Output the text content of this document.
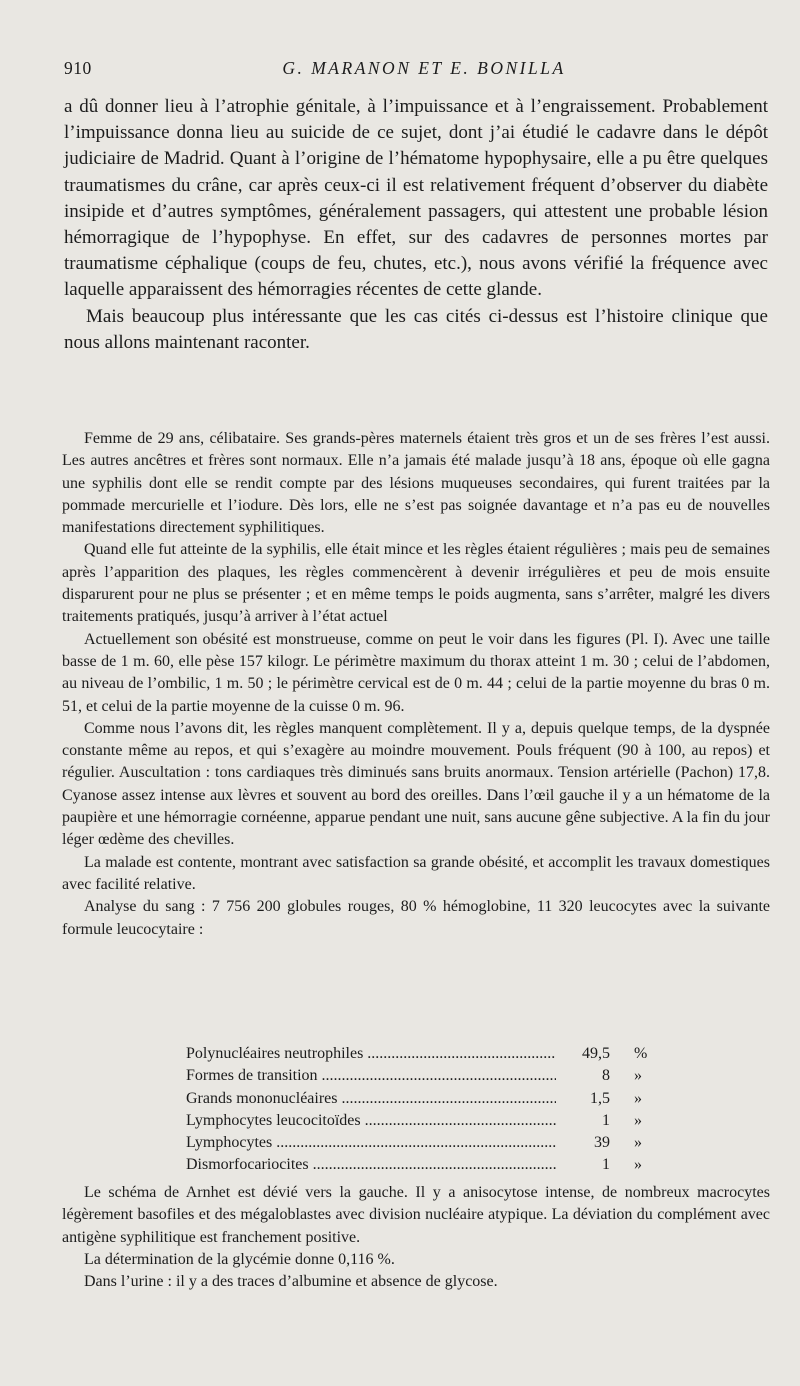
910	G. MARANON ET E. BONILLA

a dû donner lieu à l’atrophie génitale, à l’impuissance et à l’engraissement. Probablement l’impuissance donna lieu au suicide de ce sujet, dont j’ai étudié le cadavre dans le dépôt judiciaire de Madrid. Quant à l’origine de l’hématome hypophysaire, elle a pu être quelques traumatismes du crâne, car après ceux-ci il est relativement fréquent d’observer du diabète insipide et d’autres symptômes, généralement passagers, qui attestent une probable lésion hémorragique de l’hypophyse. En effet, sur des cadavres de personnes mortes par traumatisme céphalique (coups de feu, chutes, etc.), nous avons vérifié la fréquence avec laquelle apparaissent des hémorragies récentes de cette glande.

Mais beaucoup plus intéressante que les cas cités ci-dessus est l’histoire clinique que nous allons maintenant raconter.

Femme de 29 ans, célibataire. Ses grands-pères maternels étaient très gros et un de ses frères l’est aussi. Les autres ancêtres et frères sont normaux. Elle n’a jamais été malade jusqu’à 18 ans, époque où elle gagna une syphilis dont elle se rendit compte par des lésions muqueuses secondaires, qui furent traitées par la pommade mercurielle et l’iodure. Dès lors, elle ne s’est pas soignée davantage et n’a pas eu de nouvelles manifestations directement syphilitiques.

Quand elle fut atteinte de la syphilis, elle était mince et les règles étaient régulières ; mais peu de semaines après l’apparition des plaques, les règles commencèrent à devenir irrégulières et peu de mois ensuite disparurent pour ne plus se présenter ; et en même temps le poids augmenta, sans s’arrêter, malgré les divers traitements pratiqués, jusqu’à arriver à l’état actuel

Actuellement son obésité est monstrueuse, comme on peut le voir dans les figures (Pl. I). Avec une taille basse de 1 m. 60, elle pèse 157 kilogr. Le périmètre maximum du thorax atteint 1 m. 30 ; celui de l’abdomen, au niveau de l’ombilic, 1 m. 50 ; le périmètre cervical est de 0 m. 44 ; celui de la partie moyenne du bras 0 m. 51, et celui de la partie moyenne de la cuisse 0 m. 96.

Comme nous l’avons dit, les règles manquent complètement. Il y a, depuis quelque temps, de la dyspnée constante même au repos, et qui s’exagère au moindre mouvement. Pouls fréquent (90 à 100, au repos) et régulier. Auscultation : tons cardiaques très diminués sans bruits anormaux. Tension artérielle (Pachon) 17,8. Cyanose assez intense aux lèvres et souvent au bord des oreilles. Dans l’œil gauche il y a un hématome de la paupière et une hémorragie cornéenne, apparue pendant une nuit, sans aucune gêne subjective. A la fin du jour léger œdème des chevilles.

La malade est contente, montrant avec satisfaction sa grande obésité, et accomplit les travaux domestiques avec facilité relative.

Analyse du sang : 7 756 200 globules rouges, 80 % hémoglobine, 11 320 leucocytes avec la suivante formule leucocytaire :

Polynucléaires neutrophiles .....	49,5 %
Formes de transition .....	8 »
Grands mononucléaires .....	1,5 »
Lymphocytes leucocitoïdes .....	1 »
Lymphocytes .....	39 »
Dismorfocariocites .....	1 »

Le schéma de Arnhet est dévié vers la gauche. Il y a anisocytose intense, de nombreux macrocytes légèrement basofiles et des mégaloblastes avec division nucléaire atypique. La déviation du complément avec antigène syphilitique est franchement positive.

La détermination de la glycémie donne 0,116 %.

Dans l’urine : il y a des traces d’albumine et absence de glycose.
